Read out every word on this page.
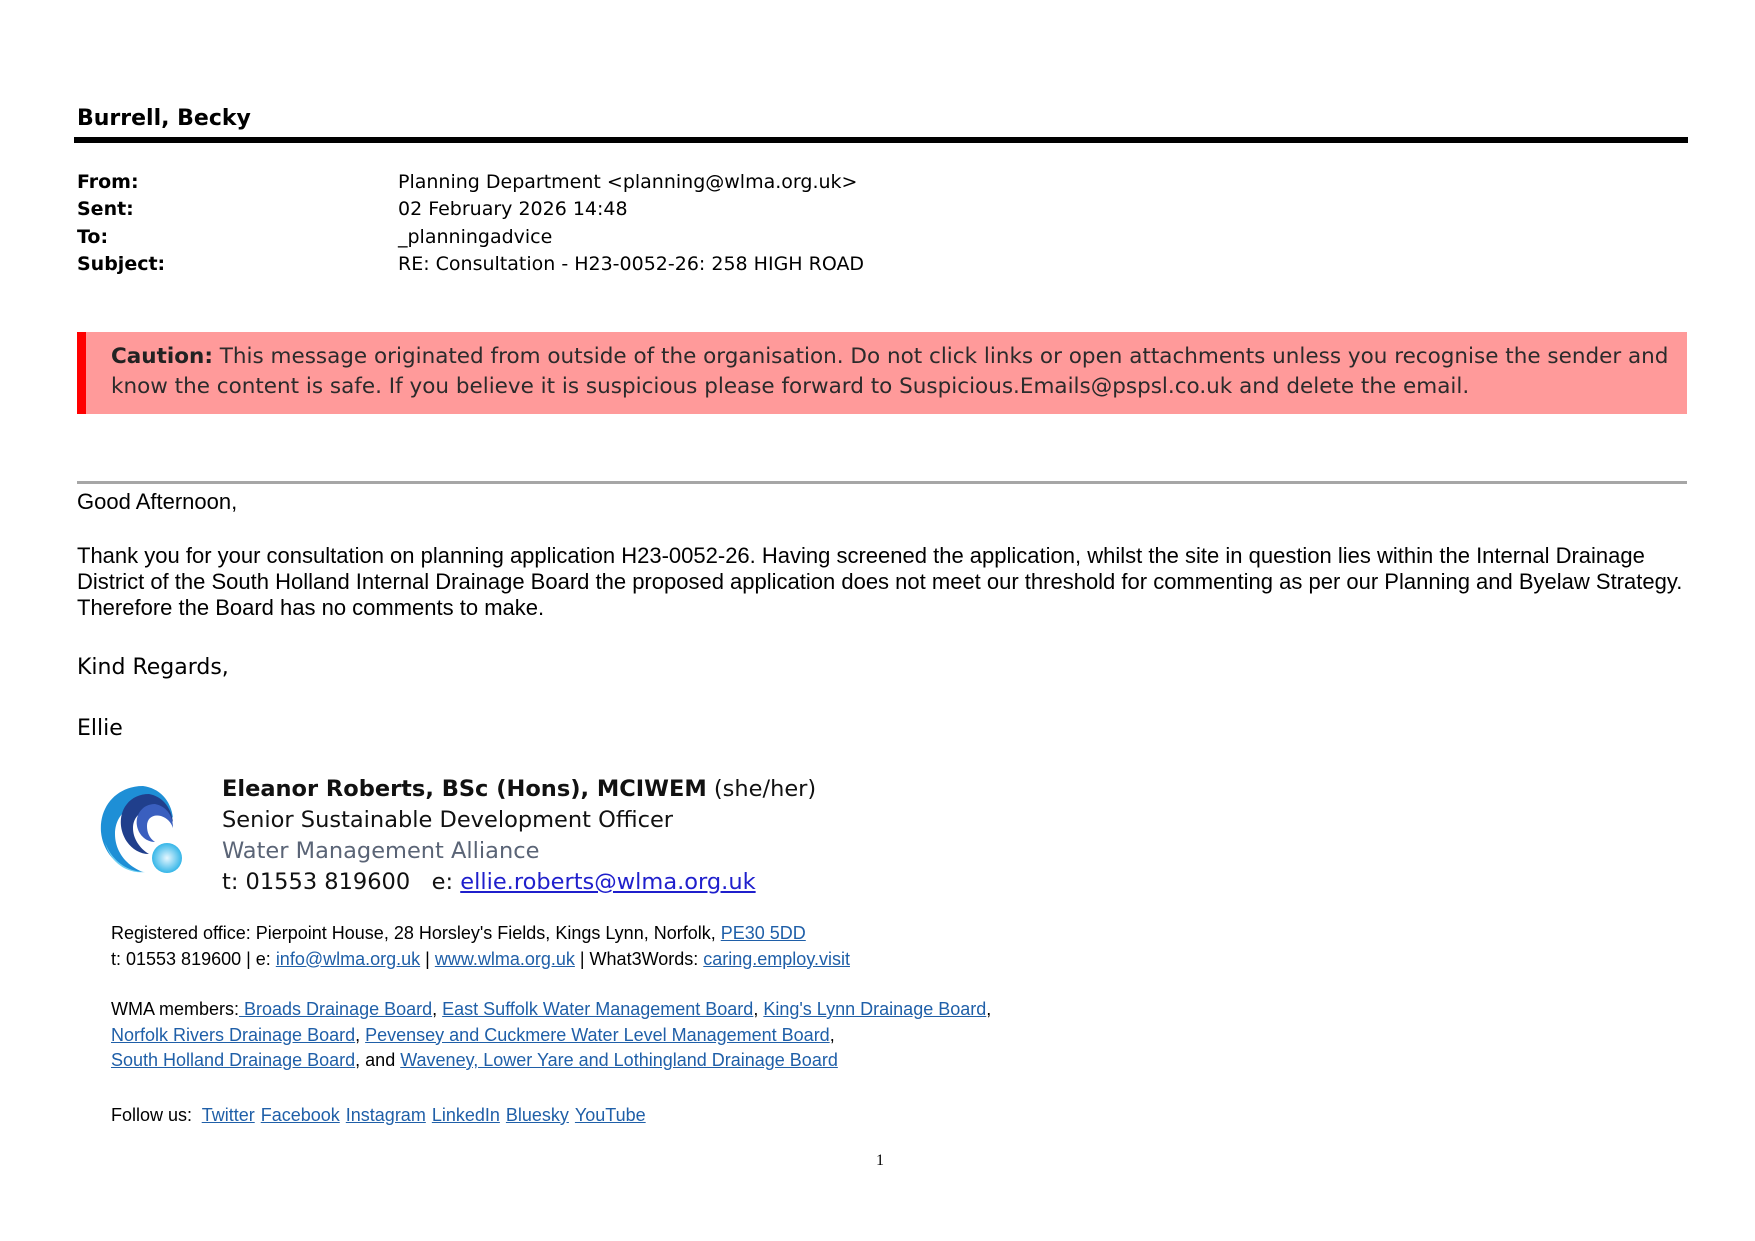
Burrell, Becky
From:	Planning Department <planning@wlma.org.uk>
Sent:	02 February 2026 14:48
To:	_planningadvice
Subject:	RE: Consultation - H23-0052-26: 258 HIGH ROAD
Caution: This message originated from outside of the organisation. Do not click links or open attachments unless you recognise the sender and know the content is safe. If you believe it is suspicious please forward to Suspicious.Emails@pspsl.co.uk and delete the email.
Good Afternoon,
Thank you for your consultation on planning application H23-0052-26. Having screened the application, whilst the site in question lies within the Internal Drainage District of the South Holland Internal Drainage Board the proposed application does not meet our threshold for commenting as per our Planning and Byelaw Strategy. Therefore the Board has no comments to make.
Kind Regards,
Ellie
Eleanor Roberts, BSc (Hons), MCIWEM (she/her)
Senior Sustainable Development Officer
Water Management Alliance
t: 01553 819600 e: ellie.roberts@wlma.org.uk
Registered office: Pierpoint House, 28 Horsley's Fields, Kings Lynn, Norfolk, PE30 5DD
t: 01553 819600 | e: info@wlma.org.uk | www.wlma.org.uk | What3Words: caring.employ.visit
WMA members: Broads Drainage Board, East Suffolk Water Management Board, King's Lynn Drainage Board,
Norfolk Rivers Drainage Board, Pevensey and Cuckmere Water Level Management Board,
South Holland Drainage Board, and Waveney, Lower Yare and Lothingland Drainage Board
Follow us:  Twitter Facebook Instagram LinkedIn Bluesky YouTube
1
